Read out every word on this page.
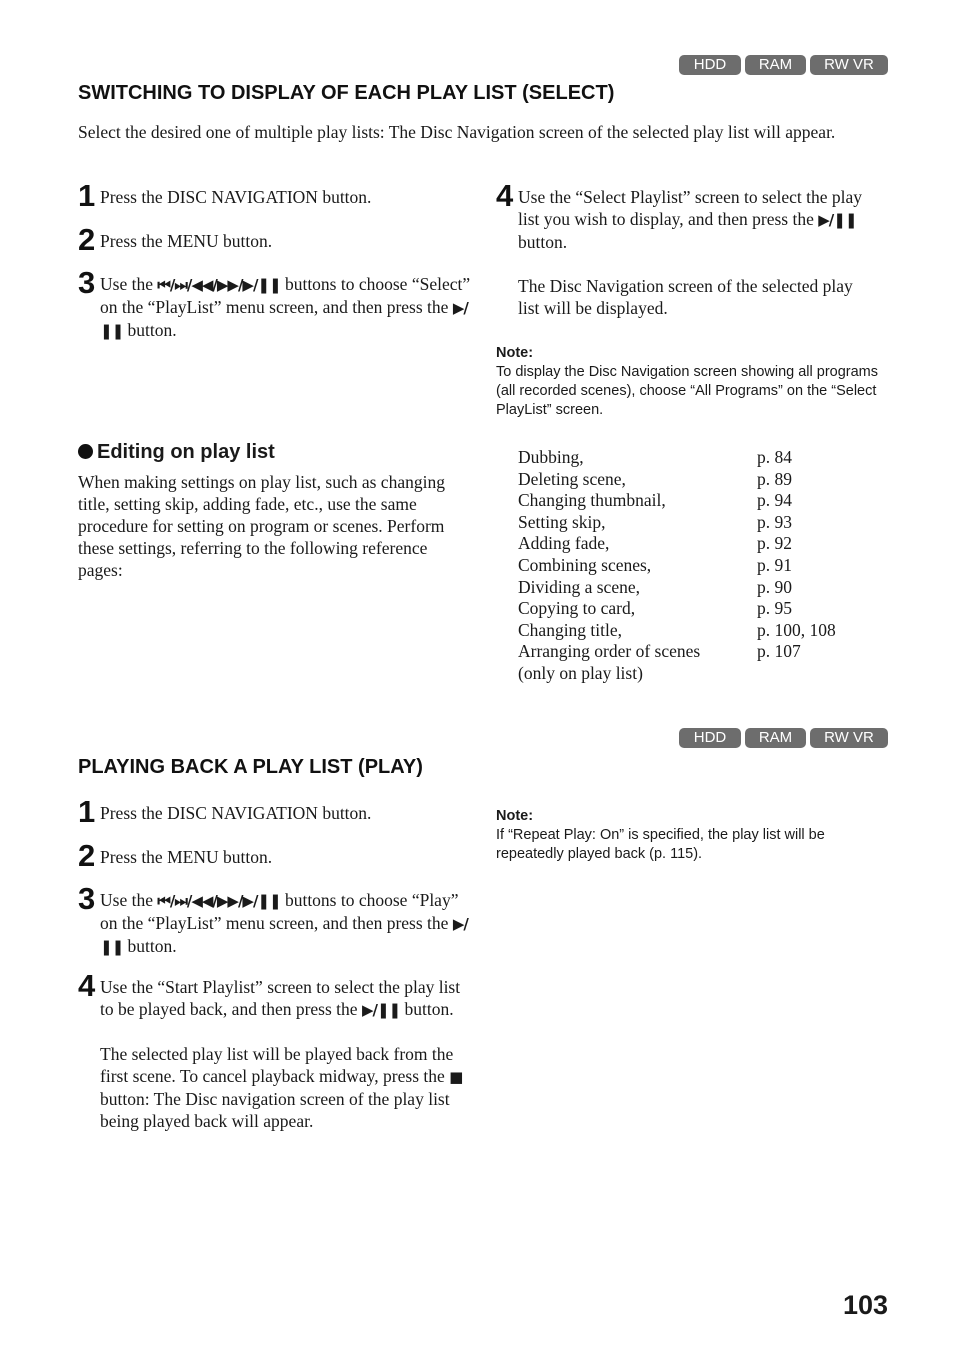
HDD	RAM	RW VR
SWITCHING TO DISPLAY OF EACH PLAY LIST (SELECT)
Select the desired one of multiple play lists: The Disc Navigation screen of the selected play list will appear.
1 Press the DISC NAVIGATION button.

2 Press the MENU button.

3 Use the ⏮/⏭/◀◀/▶▶/▶/❚❚ buttons to choose “Select” on the “PlayList” menu screen, and then press the ▶/❚❚ button.

4 Use the “Select Playlist” screen to select the play list you wish to display, and then press the ▶/❚❚ button.

The Disc Navigation screen of the selected play list will be displayed.

Note:
To display the Disc Navigation screen showing all programs (all recorded scenes), choose “All Programs” on the “Select PlayList” screen.
Editing on play list
When making settings on play list, such as changing title, setting skip, adding fade, etc., use the same procedure for setting on program or scenes. Perform these settings, referring to the following reference pages:
Dubbing,	p. 84
Deleting scene,	p. 89
Changing thumbnail,	p. 94
Setting skip,	p. 93
Adding fade,	p. 92
Combining scenes,	p. 91
Dividing a scene,	p. 90
Copying to card,	p. 95
Changing title,	p. 100, 108
Arranging order of scenes	p. 107
(only on play list)
HDD	RAM	RW VR
PLAYING BACK A PLAY LIST (PLAY)
1 Press the DISC NAVIGATION button.

2 Press the MENU button.

3 Use the ⏮/⏭/◀◀/▶▶/▶/❚❚ buttons to choose “Play” on the “PlayList” menu screen, and then press the ▶/❚❚ button.

4 Use the “Start Playlist” screen to select the play list to be played back, and then press the ▶/❚❚ button.

The selected play list will be played back from the first scene. To cancel playback midway, press the ■ button: The Disc navigation screen of the play list being played back will appear.

Note:
If “Repeat Play: On” is specified, the play list will be repeatedly played back (p. 115).
103
